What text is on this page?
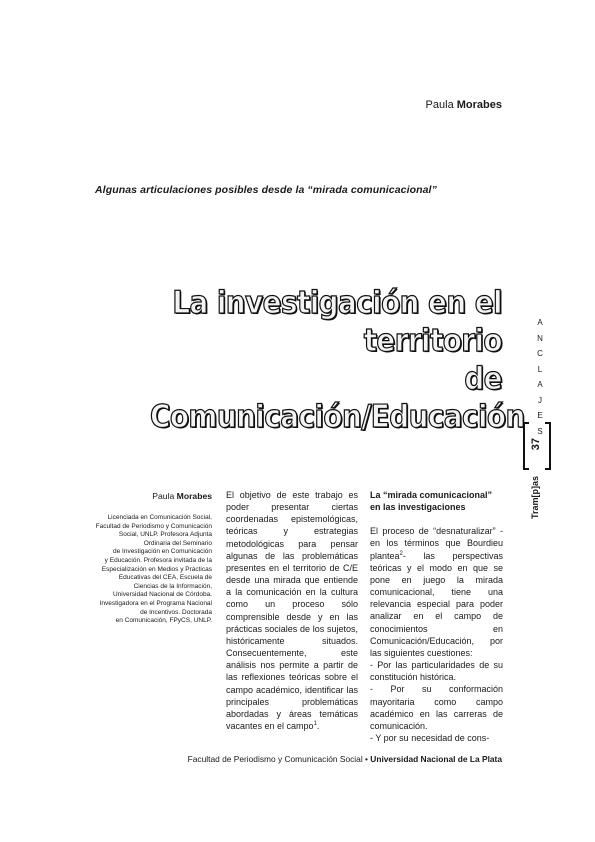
Paula Morabes
Algunas articulaciones posibles desde la “mirada comunicacional”
La investigación en el territorio
de Comunicación/Educación
A
N
C
L
A
J
E
S
37
Tram[p]as
Paula Morabes
Licenciada en Comunicación Social,
Facultad de Periodismo y Comunicación
Social, UNLP. Profesora Adjunta
Ordinaria del Seminario
de Investigación en Comunicación
y Educación. Profesora invitada de la
Especialización en Medios y Prácticas
Educativas del CEA, Escuela de
Ciencias de la Información,
Universidad Nacional de Córdoba.
Investigadora en el Programa Nacional
de Incentivos. Doctorada
en Comunicación, FPyCS, UNLP.

El objetivo de este trabajo es poder presentar ciertas coordenadas epistemológicas, teóricas y estrategias metodológicas para pensar algunas de las problemáticas presentes en el territorio de C/E desde una mirada que entiende a la comunicación en la cultura como un proceso sólo comprensible desde y en las prácticas sociales de los sujetos, históricamente situados. Consecuentemente, este análisis nos permite a partir de las reflexiones teóricas sobre el campo académico, identificar las principales problemáticas abordadas y áreas temáticas vacantes en el campo$^1$.

La “mirada comunicacional” en las investigaciones

El proceso de “desnaturalizar” -en los términos que Bourdieu plantea$^2$- las perspectivas teóricas y el modo en que se pone en juego la mirada comunicacional, tiene una relevancia especial para poder analizar en el campo de conocimientos en Comunicación/Educación, por las siguientes cuestiones:

- Por las particularidades de su constitución histórica.

- Por su conformación mayoritaria como campo académico en las carreras de comunicación.

- Y por su necesidad de cons-

Facultad de Periodismo y Comunicación Social • Universidad Nacional de La Plata
